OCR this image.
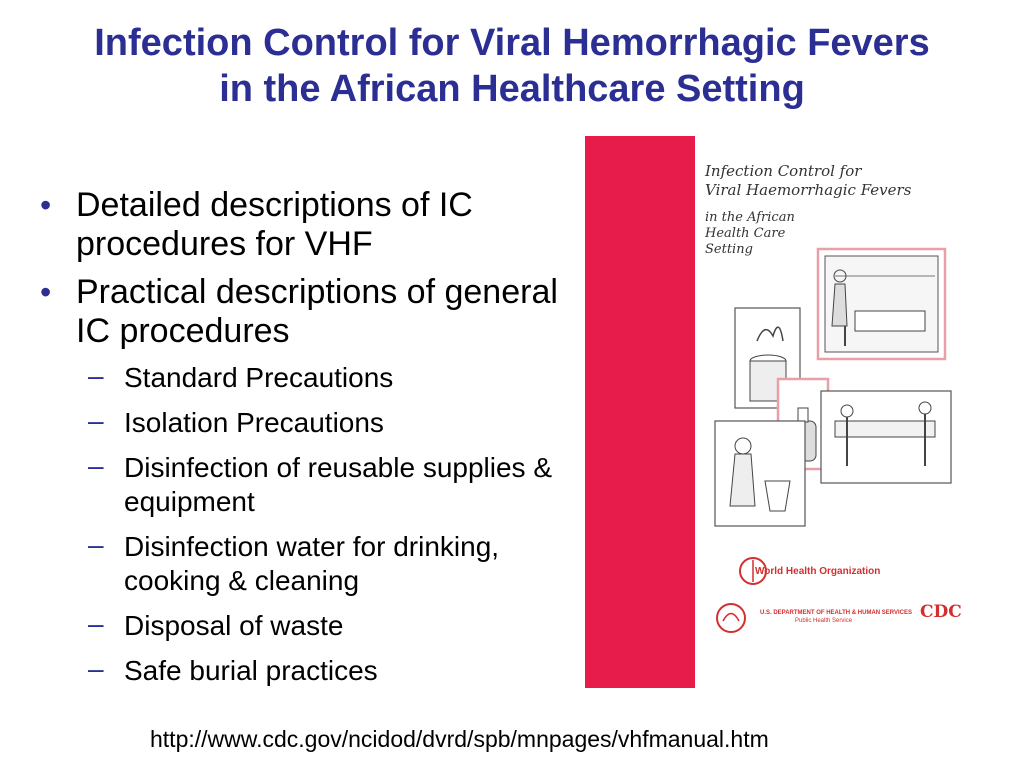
Infection Control for Viral Hemorrhagic Fevers
in the African Healthcare Setting
• Detailed descriptions of IC procedures for VHF
• Practical descriptions of general IC procedures
– Standard Precautions
– Isolation Precautions
– Disinfection of reusable supplies & equipment
– Disinfection water for drinking, cooking & cleaning
– Disposal of waste
– Safe burial practices
Infection Control for
Viral Haemorrhagic Fevers
in the African
Health Care
Setting
World Health Organization
U.S. DEPARTMENT OF HEALTH & HUMAN SERVICES
Public Health Service	CDC
http://www.cdc.gov/ncidod/dvrd/spb/mnpages/vhfmanual.htm
